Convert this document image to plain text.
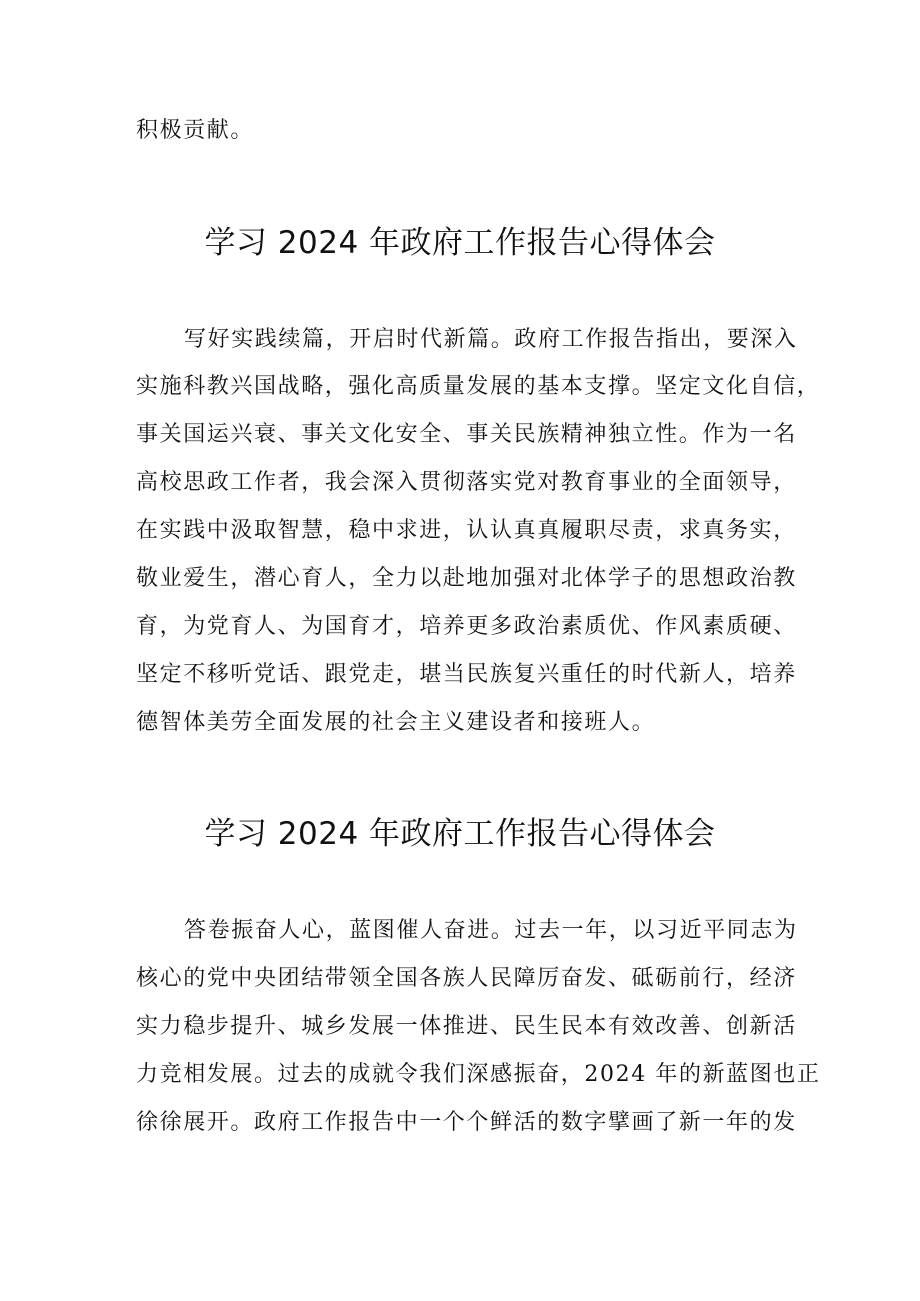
积极贡献。
学习 2024 年政府工作报告心得体会
写好实践续篇，开启时代新篇。政府工作报告指出，要深入
实施科教兴国战略，强化高质量发展的基本支撑。坚定文化自信，
事关国运兴衰、事关文化安全、事关民族精神独立性。作为一名
高校思政工作者，我会深入贯彻落实党对教育事业的全面领导，
在实践中汲取智慧，稳中求进，认认真真履职尽责，求真务实，
敬业爱生，潜心育人，全力以赴地加强对北体学子的思想政治教
育，为党育人、为国育才，培养更多政治素质优、作风素质硬、
坚定不移听党话、跟党走，堪当民族复兴重任的时代新人，培养
德智体美劳全面发展的社会主义建设者和接班人。
学习 2024 年政府工作报告心得体会
答卷振奋人心，蓝图催人奋进。过去一年，以习近平同志为
核心的党中央团结带领全国各族人民障厉奋发、砥砺前行，经济
实力稳步提升、城乡发展一体推进、民生民本有效改善、创新活
力竞相发展。过去的成就令我们深感振奋，2024 年的新蓝图也正
徐徐展开。政府工作报告中一个个鲜活的数字擘画了新一年的发
